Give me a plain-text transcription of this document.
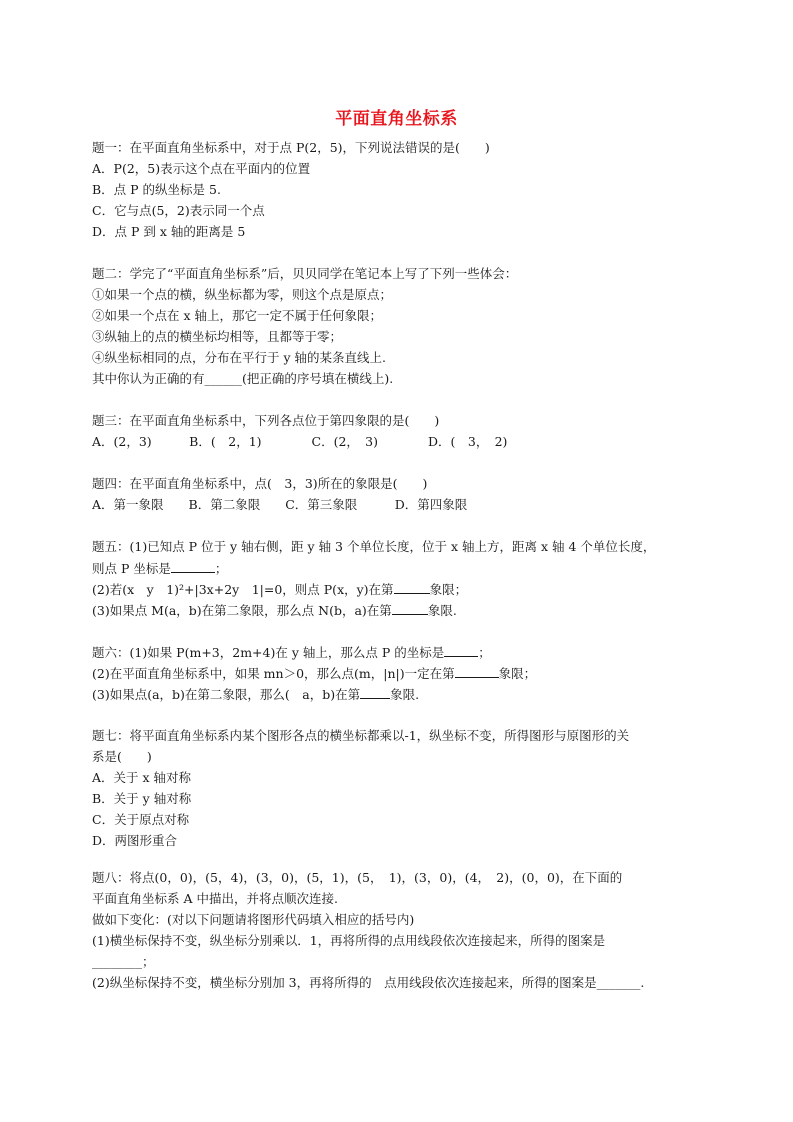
平面直角坐标系
题一：在平面直角坐标系中，对于点 P(2，5)，下列说法错误的是(　　)
A．P(2，5)表示这个点在平面内的位置
B．点 P 的纵坐标是 5.
C．它与点(5，2)表示同一个点
D．点 P 到 x 轴的距离是 5
题二：学完了“平面直角坐标系”后，贝贝同学在笔记本上写了下列一些体会：
①如果一个点的横，纵坐标都为零，则这个点是原点；
②如果一个点在 x 轴上，那它一定不属于任何象限；
③纵轴上的点的横坐标均相等，且都等于零；
④纵坐标相同的点，分布在平行于 y 轴的某条直线上.
其中你认为正确的有______(把正确的序号填在横线上).
题三：在平面直角坐标系中，下列各点位于第四象限的是(　　)
A．(2，3)　　　B．(　2，1)　　　　C．(2，　3)　　　　D．(　3，　2)
题四：在平面直角坐标系中，点(　3，3)所在的象限是(　　)
A．第一象限　　B．第二象限　　C．第三象限　　　D．第四象限
题五：(1)已知点 P 位于 y 轴右侧，距 y 轴 3 个单位长度，位于 x 轴上方，距离 x 轴 4 个单位长度，
则点 P 坐标是	；
(2)若(x　y　1)²+|3x+2y　1|=0，则点 P(x，y)在第	象限；
(3)如果点 M(a，b)在第二象限，那么点 N(b，a)在第	象限.
题六：(1)如果 P(m+3，2m+4)在 y 轴上，那么点 P 的坐标是	；
(2)在平面直角坐标系中，如果 mn＞0，那么点(m，|n|)一定在第	象限；
(3)如果点(a，b)在第二象限，那么(　a，b)在第 象限.
题七：将平面直角坐标系内某个图形各点的横坐标都乘以-1，纵坐标不变，所得图形与原图形的关
系是(　　)
A．关于 x 轴对称
B．关于 y 轴对称
C．关于原点对称
D．两图形重合
题八：将点(0，0)，(5，4)，(3，0)，(5，1)，(5，　1)，(3，0)，(4，　2)，(0，0)，在下面的
平面直角坐标系 A 中描出，并将点顺次连接.
做如下变化：(对以下问题请将图形代码填入相应的括号内)
(1)横坐标保持不变，纵坐标分别乘以．1，再将所得的点用线段依次连接起来，所得的图案是
________；
(2)纵坐标保持不变，横坐标分别加 3，再将所得的　点用线段依次连接起来，所得的图案是_______.
